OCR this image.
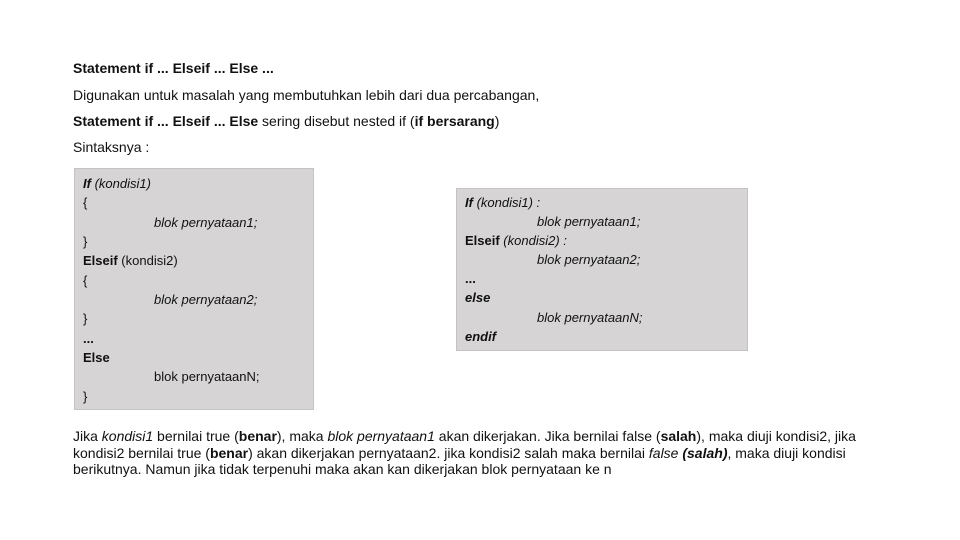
Statement if ... Elseif ... Else ...
Digunakan untuk masalah yang membutuhkan lebih dari dua percabangan,
Statement if ... Elseif ... Else sering disebut nested if (if bersarang)
Sintaksnya :
If (kondisi1)
{
blok pernyataan1;
}
Elseif (kondisi2)
{
blok pernyataan2;
}
...
Else
blok pernyataanN;
}
If (kondisi1) :
blok pernyataan1;
Elseif (kondisi2) :
blok pernyataan2;
...
else
blok pernyataanN;
endif
Jika kondisi1 bernilai true (benar), maka blok pernyataan1 akan dikerjakan. Jika bernilai false (salah), maka diuji kondisi2, jika kondisi2 bernilai true (benar) akan dikerjakan pernyataan2. jika kondisi2 salah maka bernilai false (salah), maka diuji kondisi berikutnya. Namun jika tidak terpenuhi maka akan kan dikerjakan blok pernyataan ke n
